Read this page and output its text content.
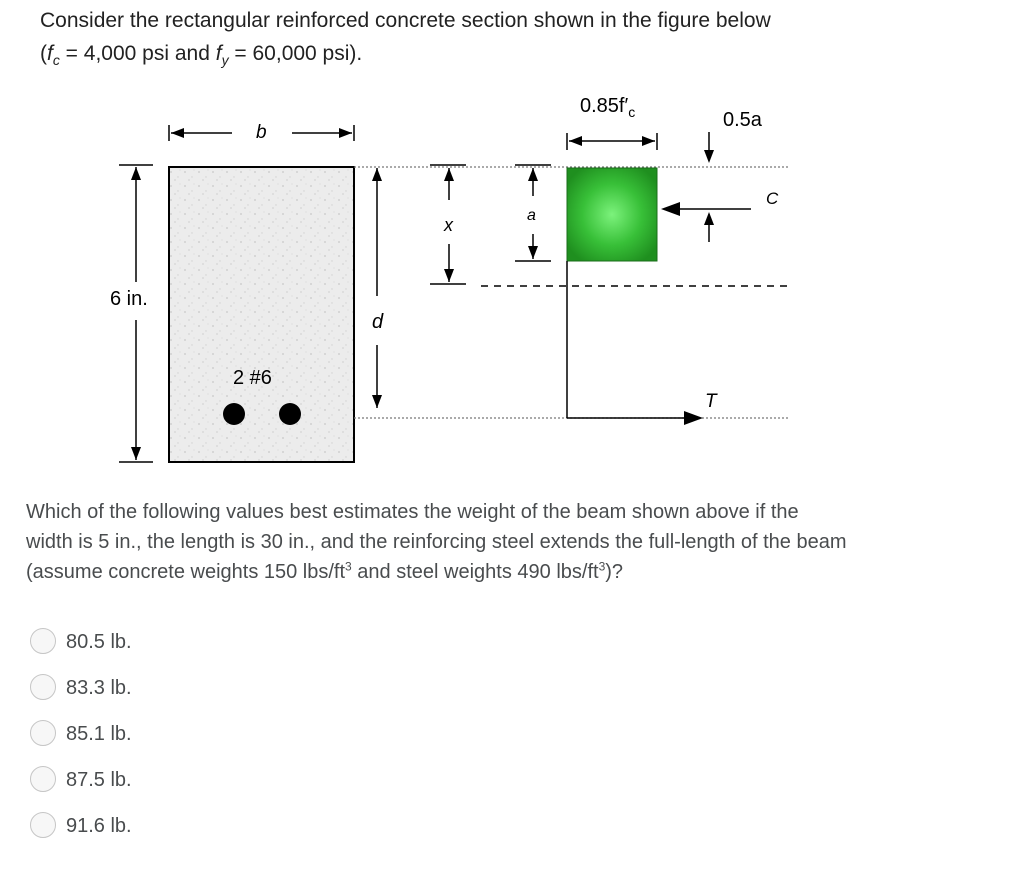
Consider the rectangular reinforced concrete section shown in the figure below
($f_c = 4,000$ psi and $f_y = 60,000$ psi).

b
6 in.
2 #6
d
x	a
T
$0.85f'_c$	0.5a
C

Which of the following values best estimates the weight of the beam shown above if the
width is 5 in., the length is 30 in., and the reinforcing steel extends the full-length of the beam
(assume concrete weights 150 lbs/$ft^3$ and steel weights 490 lbs/$ft^3$)?

80.5 lb.
83.3 lb.
85.1 lb.
87.5 lb.
91.6 lb.
